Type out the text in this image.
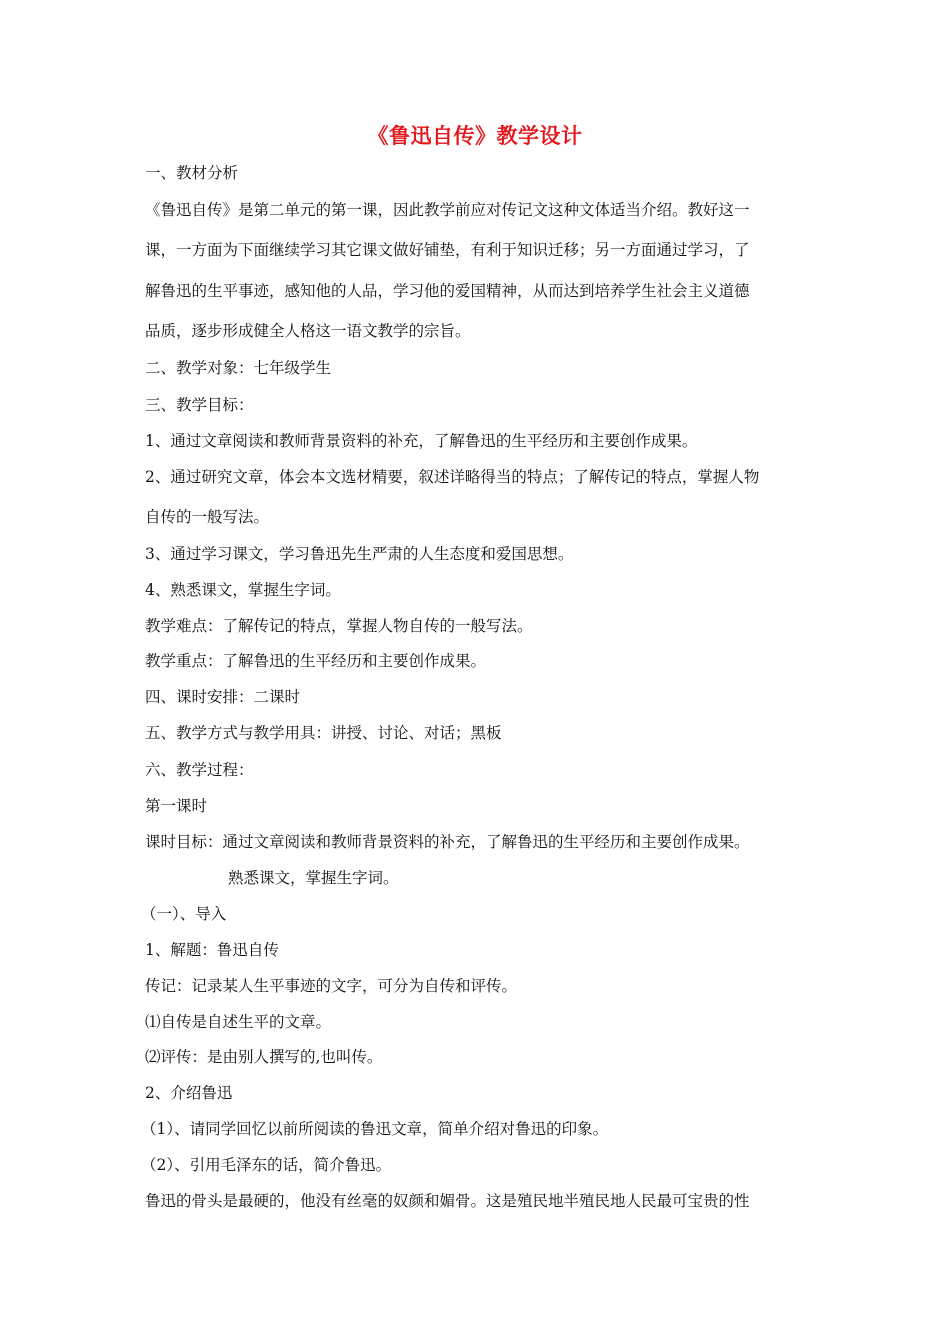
《鲁迅自传》教学设计
一、教材分析
《鲁迅自传》是第二单元的第一课，因此教学前应对传记文这种文体适当介绍。教好这一
课，一方面为下面继续学习其它课文做好铺垫，有利于知识迁移；另一方面通过学习，了
解鲁迅的生平事迹，感知他的人品，学习他的爱国精神，从而达到培养学生社会主义道德
品质，逐步形成健全人格这一语文教学的宗旨。
二、教学对象：七年级学生
三、教学目标：
1、通过文章阅读和教师背景资料的补充，了解鲁迅的生平经历和主要创作成果。
2、通过研究文章，体会本文选材精要，叙述详略得当的特点；了解传记的特点，掌握人物
自传的一般写法。
3、通过学习课文，学习鲁迅先生严肃的人生态度和爱国思想。
4、熟悉课文，掌握生字词。
教学难点：了解传记的特点，掌握人物自传的一般写法。
教学重点：了解鲁迅的生平经历和主要创作成果。
四、课时安排：二课时
五、教学方式与教学用具：讲授、讨论、对话；黑板
六、教学过程：
第一课时
课时目标：通过文章阅读和教师背景资料的补充，了解鲁迅的生平经历和主要创作成果。
熟悉课文，掌握生字词。
（一）、导入
1、解题：鲁迅自传
传记：记录某人生平事迹的文字，可分为自传和评传。
⑴自传是自述生平的文章。
⑵评传：是由别人撰写的,也叫传。
2、介绍鲁迅
（1）、请同学回忆以前所阅读的鲁迅文章，简单介绍对鲁迅的印象。
（2）、引用毛泽东的话，简介鲁迅。
鲁迅的骨头是最硬的，他没有丝毫的奴颜和媚骨。这是殖民地半殖民地人民最可宝贵的性
